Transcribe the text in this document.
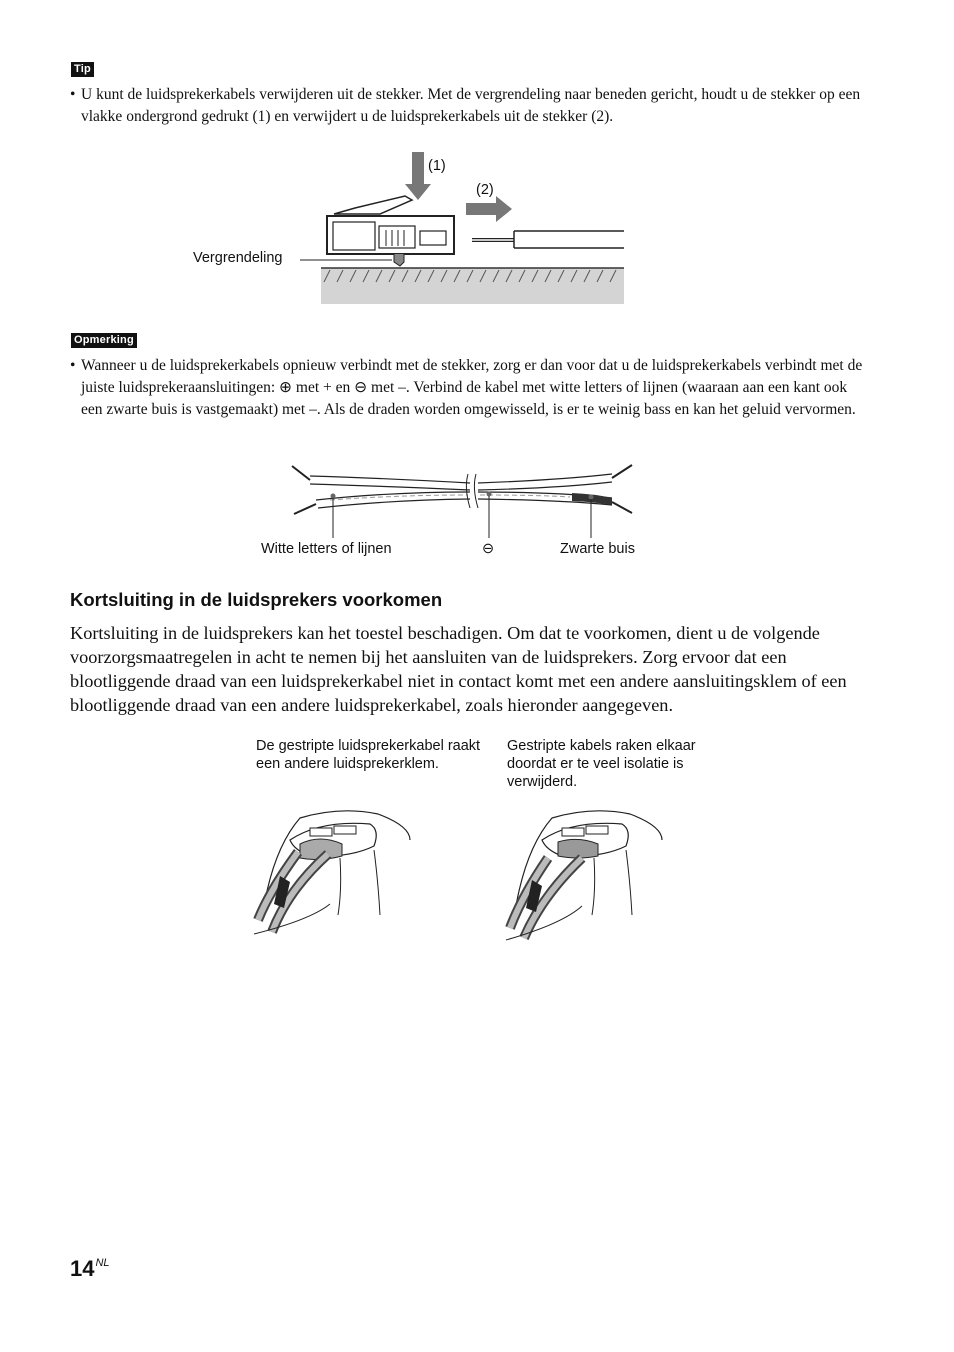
Tip
• U kunt de luidsprekerkabels verwijderen uit de stekker. Met de vergrendeling naar beneden gericht, houdt u de stekker op een vlakke ondergrond gedrukt (1) en verwijdert u de luidsprekerkabels uit de stekker (2).
(1)
(2)
Vergrendeling
Opmerking
• Wanneer u de luidsprekerkabels opnieuw verbindt met de stekker, zorg er dan voor dat u de luidsprekerkabels verbindt met de juiste luidsprekeraansluitingen: ⊕ met + en ⊖ met –. Verbind de kabel met witte letters of lijnen (waaraan aan een kant ook een zwarte buis is vastgemaakt) met –. Als de draden worden omgewisseld, is er te weinig bass en kan het geluid vervormen.
Witte letters of lijnen	⊖	Zwarte buis
Kortsluiting in de luidsprekers voorkomen
Kortsluiting in de luidsprekers kan het toestel beschadigen. Om dat te voorkomen, dient u de volgende voorzorgsmaatregelen in acht te nemen bij het aansluiten van de luidsprekers. Zorg ervoor dat een blootliggende draad van een luidsprekerkabel niet in contact komt met een andere aansluitingsklem of een blootliggende draad van een andere luidsprekerkabel, zoals hieronder aangegeven.
De gestripte luidsprekerkabel raakt een andere luidsprekerklem.
Gestripte kabels raken elkaar doordat er te veel isolatie is verwijderd.
$14^{NL}$
